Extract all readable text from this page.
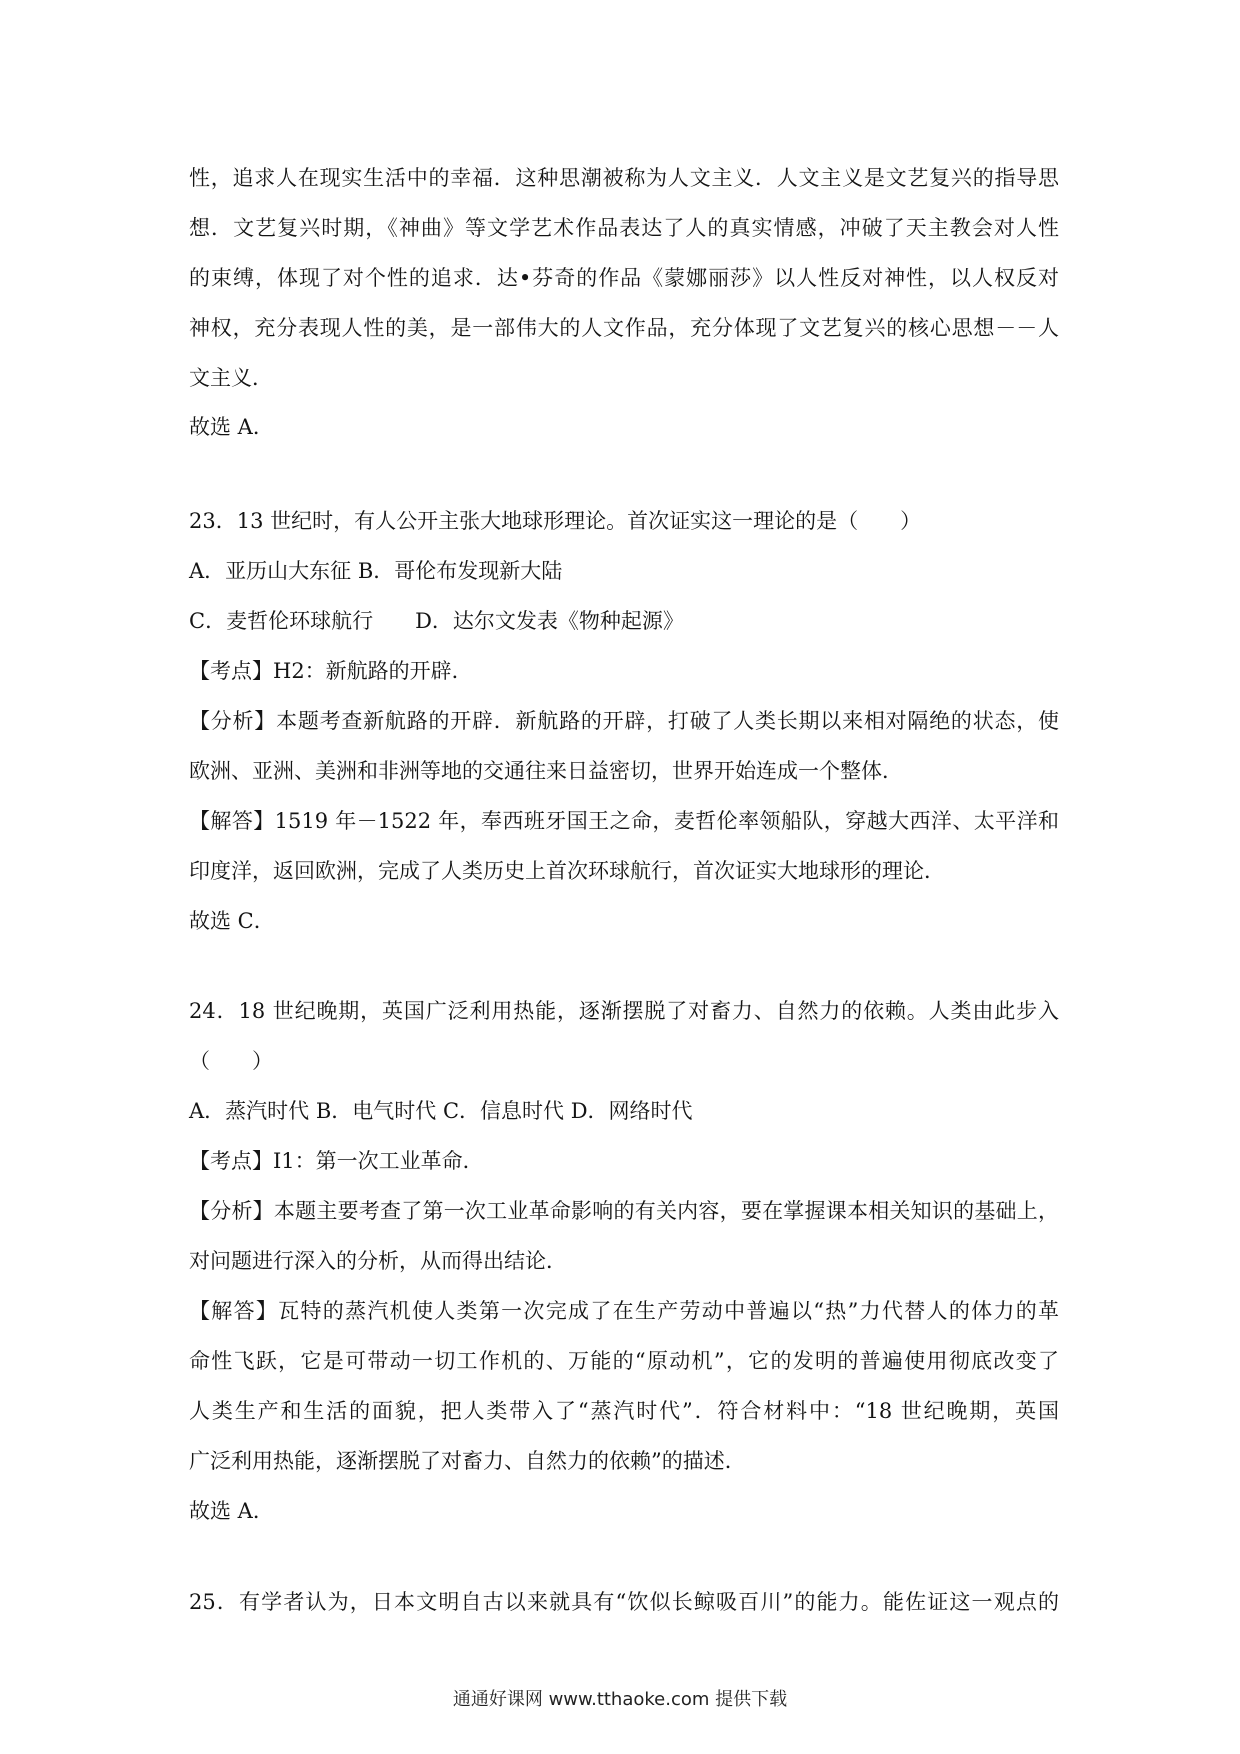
性，追求人在现实生活中的幸福．这种思潮被称为人文主义．人文主义是文艺复兴的指导思
想．文艺复兴时期，《神曲》等文学艺术作品表达了人的真实情感，冲破了天主教会对人性
的束缚，体现了对个性的追求．达•芬奇的作品《蒙娜丽莎》以人性反对神性，以人权反对
神权，充分表现人性的美，是一部伟大的人文作品，充分体现了文艺复兴的核心思想－－人
文主义．
故选 A．
23．13 世纪时，有人公开主张大地球形理论。首次证实这一理论的是（　　）
A．亚历山大东征 B．哥伦布发现新大陆
C．麦哲伦环球航行　　D．达尔文发表《物种起源》
【考点】H2：新航路的开辟．
【分析】本题考查新航路的开辟．新航路的开辟，打破了人类长期以来相对隔绝的状态，使
欧洲、亚洲、美洲和非洲等地的交通往来日益密切，世界开始连成一个整体．
【解答】1519 年－1522 年，奉西班牙国王之命，麦哲伦率领船队，穿越大西洋、太平洋和
印度洋，返回欧洲，完成了人类历史上首次环球航行，首次证实大地球形的理论．
故选 C．
24．18 世纪晚期，英国广泛利用热能，逐渐摆脱了对畜力、自然力的依赖。人类由此步入
（　　）
A．蒸汽时代 B．电气时代 C．信息时代 D．网络时代
【考点】I1：第一次工业革命．
【分析】本题主要考查了第一次工业革命影响的有关内容，要在掌握课本相关知识的基础上，
对问题进行深入的分析，从而得出结论．
【解答】瓦特的蒸汽机使人类第一次完成了在生产劳动中普遍以“热”力代替人的体力的革
命性飞跃，它是可带动一切工作机的、万能的“原动机”，它的发明的普遍使用彻底改变了
人类生产和生活的面貌，把人类带入了“蒸汽时代”．符合材料中：“18 世纪晚期，英国
广泛利用热能，逐渐摆脱了对畜力、自然力的依赖”的描述．
故选 A．
25．有学者认为，日本文明自古以来就具有“饮似长鲸吸百川”的能力。能佐证这一观点的
通通好课网 www.tthaoke.com 提供下载
